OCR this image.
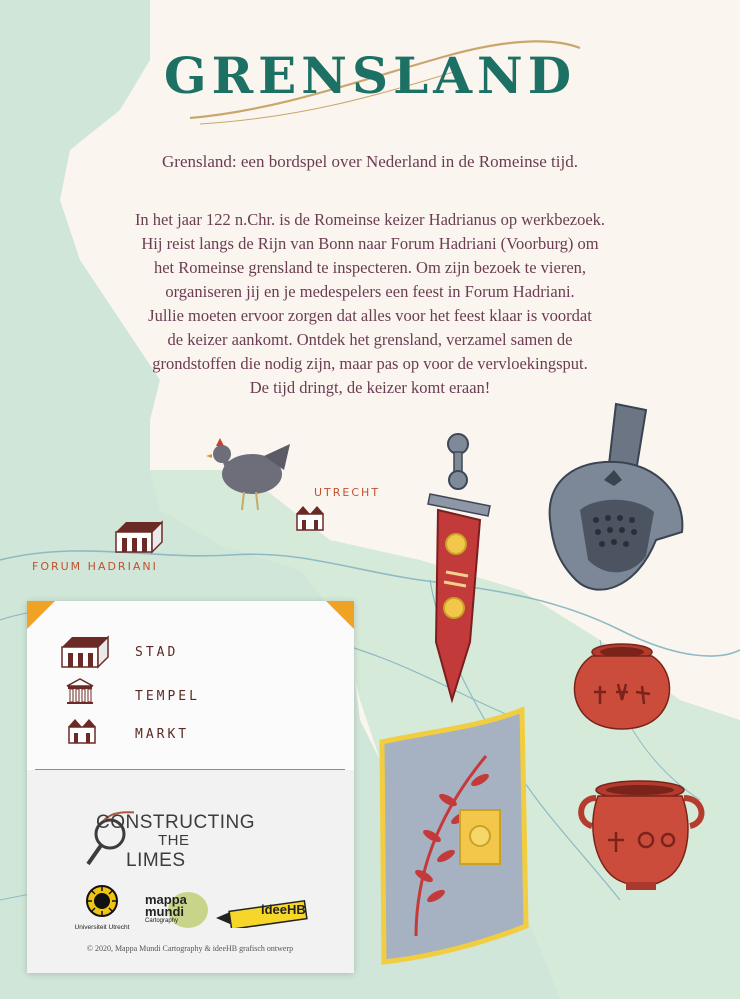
GRENSLAND
Grensland: een bordspel over Nederland in de Romeinse tijd.
In het jaar 122 n.Chr. is de Romeinse keizer Hadrianus op werkbezoek.
Hij reist langs de Rijn van Bonn naar Forum Hadriani (Voorburg) om
het Romeinse grensland te inspecteren. Om zijn bezoek te vieren,
organiseren jij en je medespelers een feest in Forum Hadriani.
Jullie moeten ervoor zorgen dat alles voor het feest klaar is voordat
de keizer aankomt. Ontdek het grensland, verzamel samen de
grondstoffen die nodig zijn, maar pas op voor de vervloekingsput.
De tijd dringt, de keizer komt eraan!
UTRECHT
FORUM HADRIANI
STAD
TEMPEL
MARKT
CONSTRUCTING
THE
LIMES
Universiteit Utrecht
mappa
mundi
Cartography
ideeHB
© 2020, Mappa Mundi Cartography & ideeHB grafisch ontwerp
